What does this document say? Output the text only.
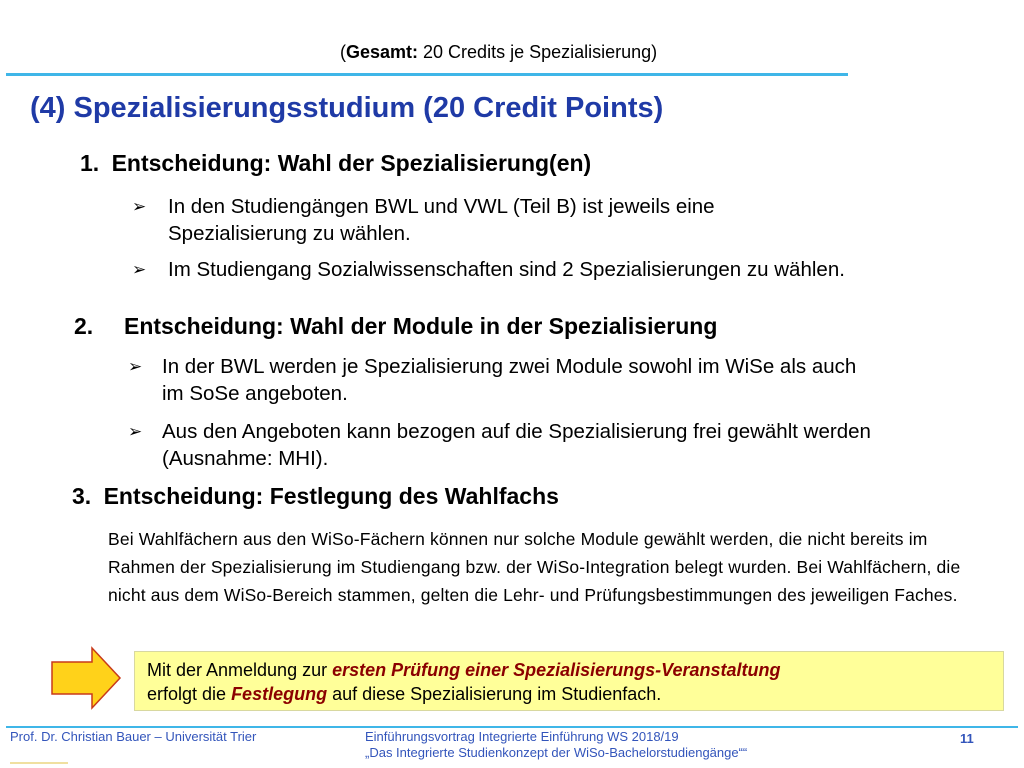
(Gesamt: 20 Credits je Spezialisierung)
(4) Spezialisierungsstudium (20 Credit Points)
1. Entscheidung: Wahl der Spezialisierung(en)
➢ In den Studiengängen BWL und VWL (Teil B) ist jeweils eine Spezialisierung zu wählen.
➢ Im Studiengang Sozialwissenschaften sind 2 Spezialisierungen zu wählen.
2. Entscheidung: Wahl der Module in der Spezialisierung
➢ In der BWL werden je Spezialisierung zwei Module sowohl im WiSe als auch im SoSe angeboten.
➢ Aus den Angeboten kann bezogen auf die Spezialisierung frei gewählt werden (Ausnahme: MHI).
3. Entscheidung: Festlegung des Wahlfachs
Bei Wahlfächern aus den WiSo-Fächern können nur solche Module gewählt werden, die nicht bereits im Rahmen der Spezialisierung im Studiengang bzw. der WiSo-Integration belegt wurden. Bei Wahlfächern, die nicht aus dem WiSo-Bereich stammen, gelten die Lehr- und Prüfungsbestimmungen des jeweiligen Faches.
Mit der Anmeldung zur ersten Prüfung einer Spezialisierungs-Veranstaltung
erfolgt die Festlegung auf diese Spezialisierung im Studienfach.
Prof. Dr. Christian Bauer – Universität Trier	Einführungsvortrag Integrierte Einführung WS 2018/19
„Das Integrierte Studienkonzept der WiSo-Bachelorstudiengänge““
11
